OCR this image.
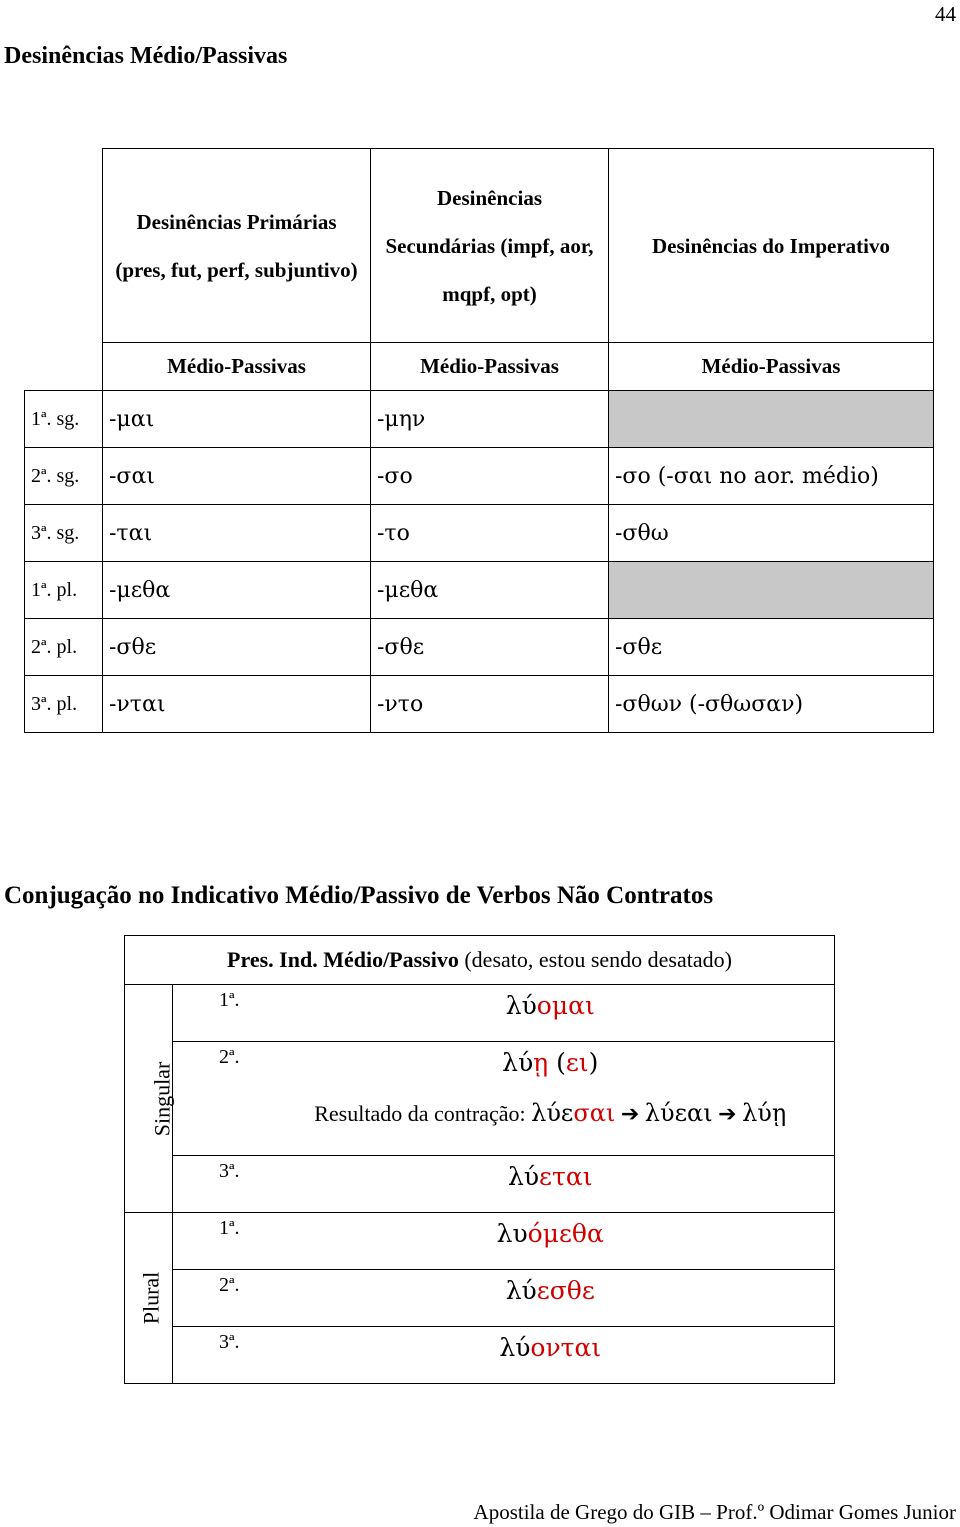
44
Desinências Médio/Passivas
	Desinências Primárias (pres, fut, perf, subjuntivo)	Desinências Secundárias (impf, aor, mqpf, opt)	Desinências do Imperativo
	Médio-Passivas	Médio-Passivas	Médio-Passivas
1ª. sg.	-μαι	-μην	
2ª. sg.	-σαι	-σο	-σο (-σαι no aor. médio)
3ª. sg.	-ται	-το	-σθω
1ª. pl.	-μεθα	-μεθα	
2ª. pl.	-σθε	-σθε	-σθε
3ª. pl.	-νται	-ντο	-σθων (-σθωσαν)
Conjugação no Indicativo Médio/Passivo de Verbos Não Contratos
Pres. Ind. Médio/Passivo (desato, estou sendo desatado)		
Singular	1ª.	λύομαι
	2ª.	λύῃ (ει)
Resultado da contração: λύεσαι ➔ λύεαι ➔ λύῃ

	3ª.	λύεται
Plural	1ª.	λυόμεθα
	2ª.	λύεσθε
	3ª.	λύονται
Apostila de Grego do GIB – Prof.º Odimar Gomes Junior
